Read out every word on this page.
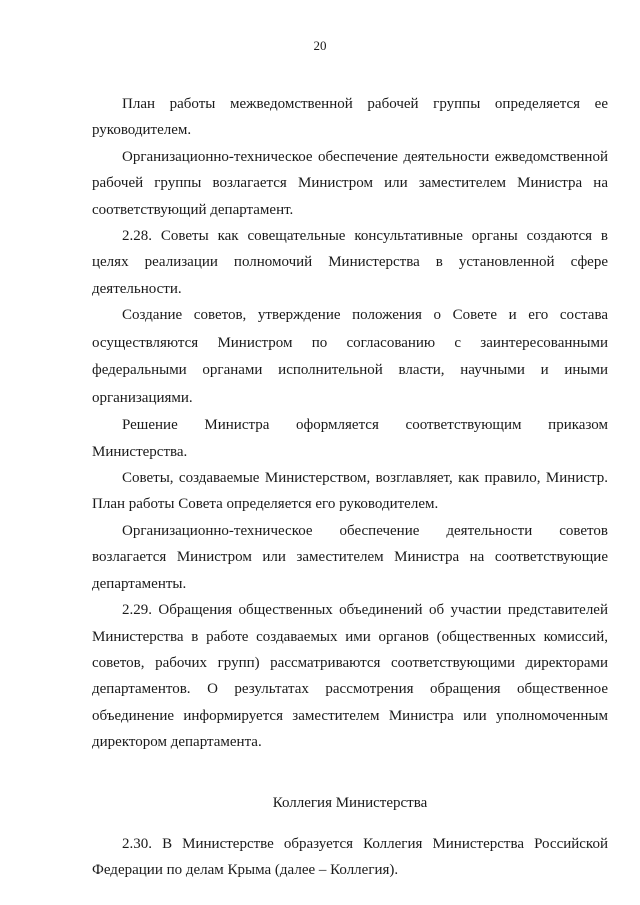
20

План работы межведомственной рабочей группы определяется ее руководителем.

Организационно-техническое обеспечение деятельности ежведомственной рабочей группы возлагается Министром или заместителем Министра на соответствующий департамент.

2.28. Советы как совещательные консультативные органы создаются в целях реализации полномочий Министерства в установленной сфере деятельности.

Создание советов, утверждение положения о Совете и его состава осуществляются Министром по согласованию с заинтересованными федеральными органами исполнительной власти, научными и иными организациями.

Решение Министра оформляется соответствующим приказом Министерства.

Советы, создаваемые Министерством, возглавляет, как правило, Министр. План работы Совета определяется его руководителем.

Организационно-техническое обеспечение деятельности советов возлагается Министром или заместителем Министра на соответствующие департаменты.

2.29. Обращения общественных объединений об участии представителей Министерства в работе создаваемых ими органов (общественных комиссий, советов, рабочих групп) рассматриваются соответствующими директорами департаментов. О результатах рассмотрения обращения общественное объединение информируется заместителем Министра или уполномоченным директором департамента.

Коллегия Министерства

2.30. В Министерстве образуется Коллегия Министерства Российской Федерации по делам Крыма (далее – Коллегия).
